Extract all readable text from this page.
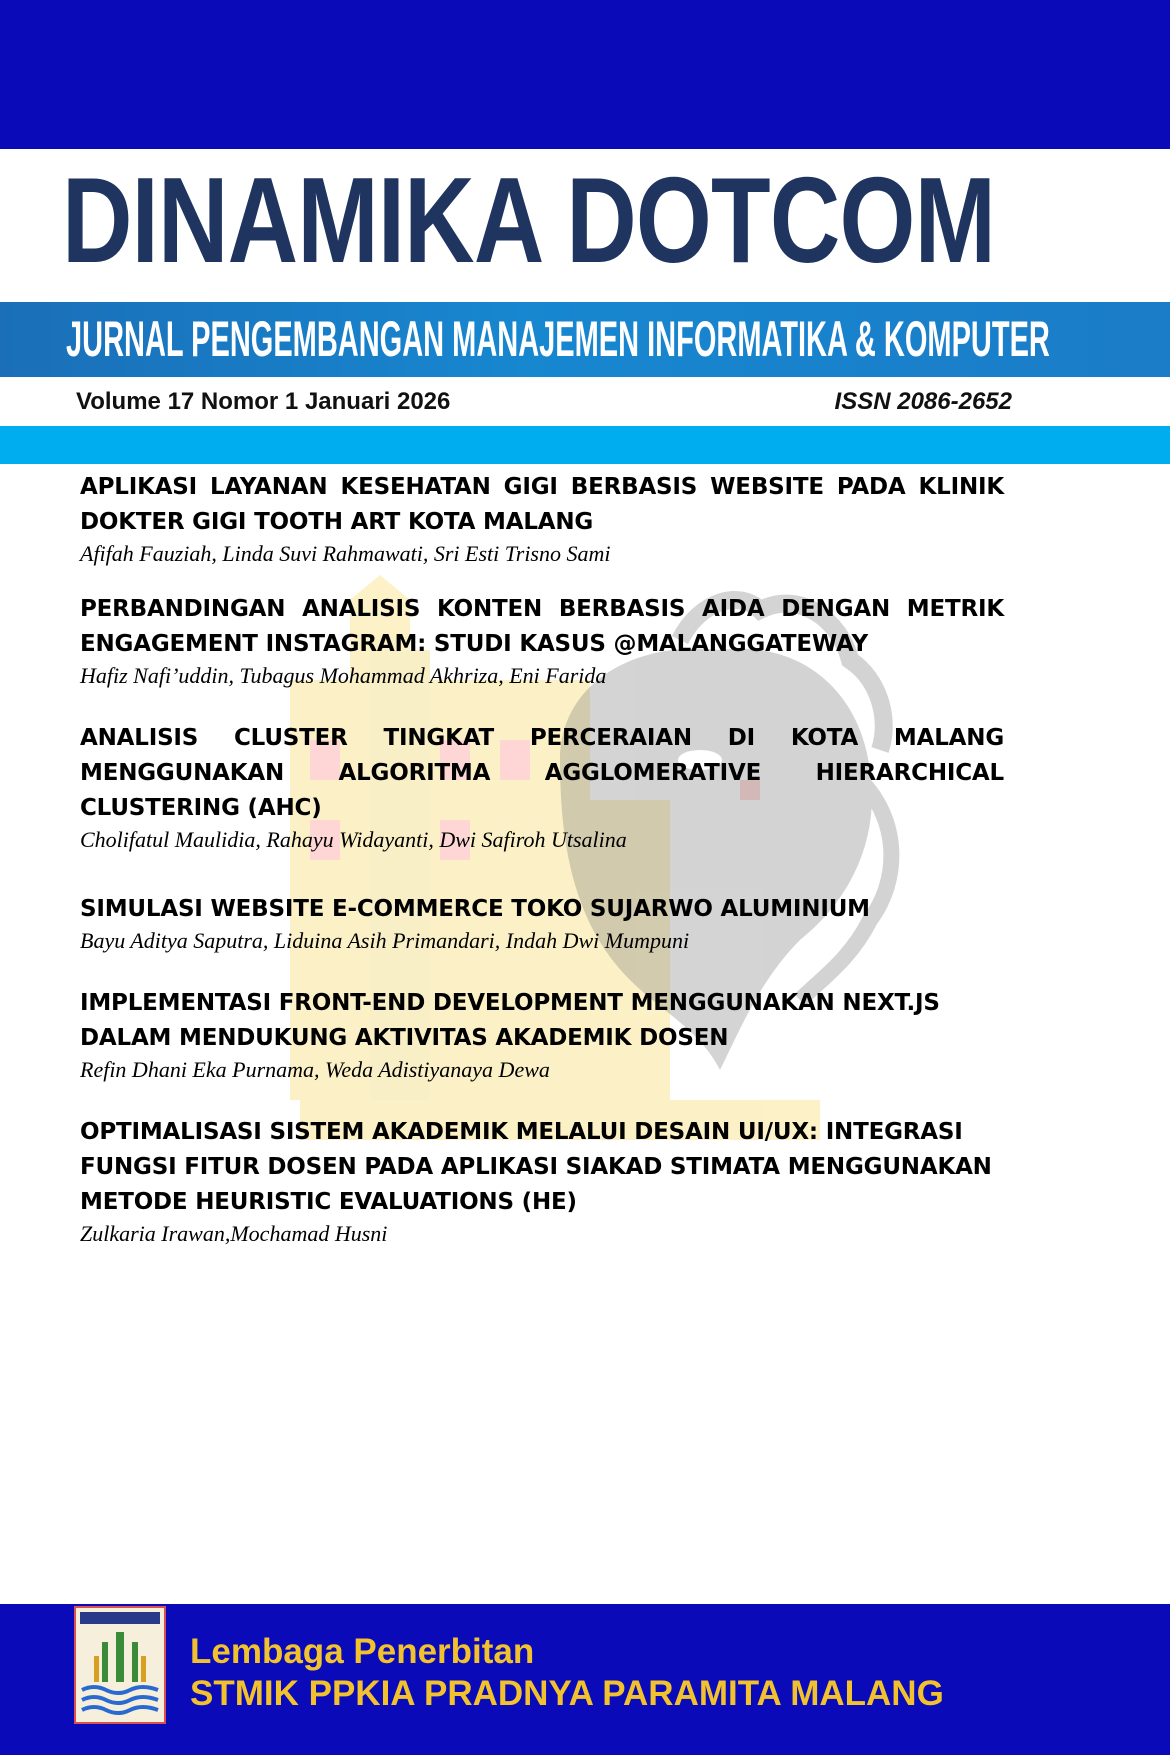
DINAMIKA DOTCOM
JURNAL PENGEMBANGAN MANAJEMEN INFORMATIKA & KOMPUTER
Volume 17 Nomor 1 Januari 2026	ISSN 2086-2652

APLIKASI LAYANAN KESEHATAN GIGI BERBASIS WEBSITE PADA KLINIK DOKTER GIGI TOOTH ART KOTA MALANG

Afifah Fauziah, Linda Suvi Rahmawati, Sri Esti Trisno Sami

PERBANDINGAN ANALISIS KONTEN BERBASIS AIDA DENGAN METRIK ENGAGEMENT INSTAGRAM: STUDI KASUS @MALANGGATEWAY

Hafiz Nafi’uddin, Tubagus Mohammad Akhriza, Eni Farida

ANALISIS CLUSTER TINGKAT PERCERAIAN DI KOTA MALANG MENGGUNAKAN ALGORITMA AGGLOMERATIVE HIERARCHICAL CLUSTERING (AHC)

Cholifatul Maulidia, Rahayu Widayanti, Dwi Safiroh Utsalina

SIMULASI WEBSITE E-COMMERCE TOKO SUJARWO ALUMINIUM

Bayu Aditya Saputra, Liduina Asih Primandari, Indah Dwi Mumpuni

IMPLEMENTASI FRONT-END DEVELOPMENT MENGGUNAKAN NEXT.JS DALAM MENDUKUNG AKTIVITAS AKADEMIK DOSEN

Refin Dhani Eka Purnama, Weda Adistiyanaya Dewa

OPTIMALISASI SISTEM AKADEMIK MELALUI DESAIN UI/UX: INTEGRASI FUNGSI FITUR DOSEN PADA APLIKASI SIAKAD STIMATA MENGGUNAKAN METODE HEURISTIC EVALUATIONS (HE)

Zulkaria Irawan,Mochamad Husni

Lembaga Penerbitan
STMIK PPKIA PRADNYA PARAMITA MALANG
